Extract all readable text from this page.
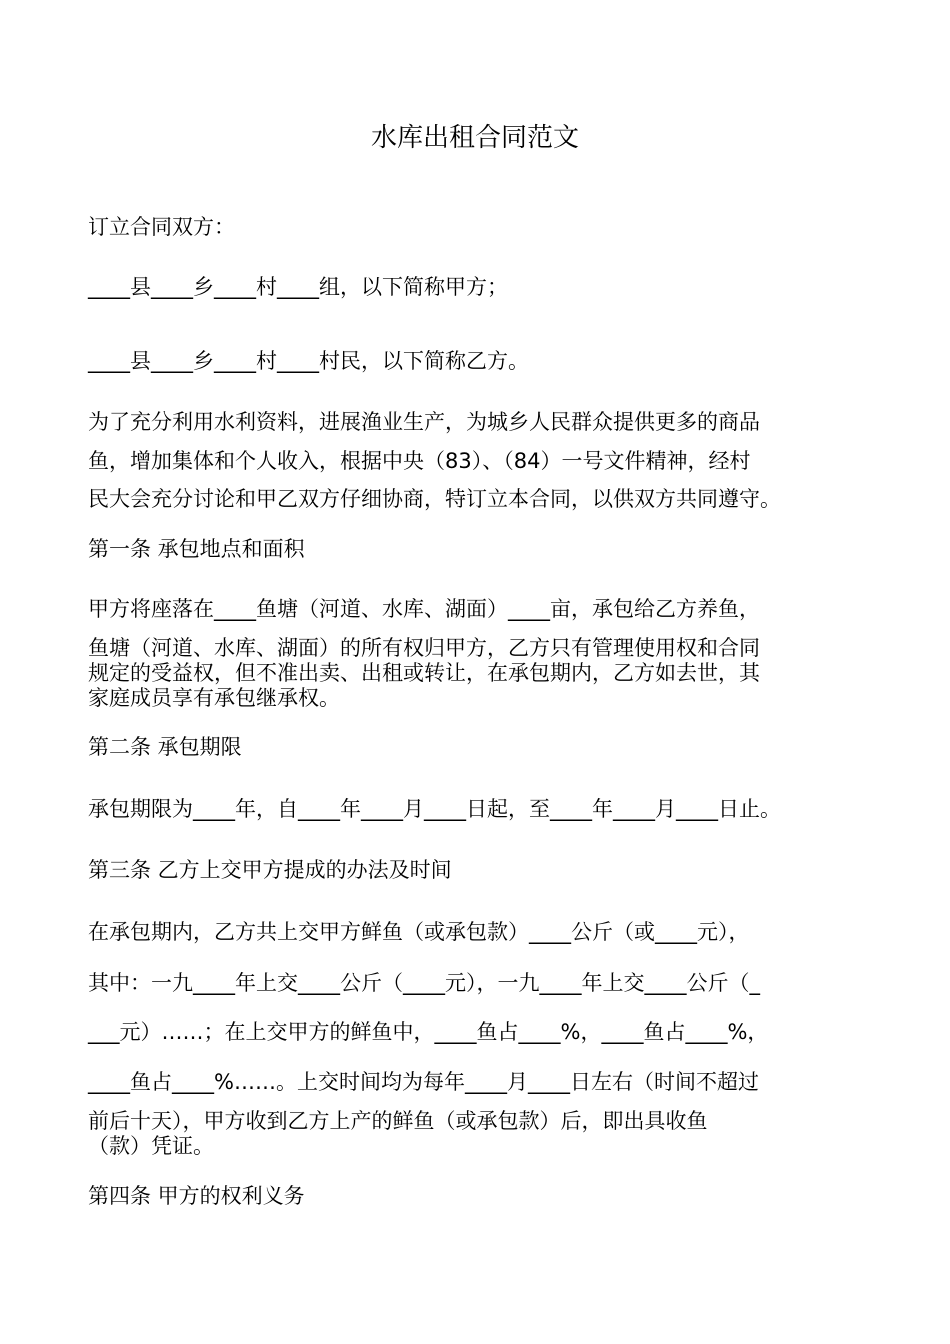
水库出租合同范文
订立合同双方：
____县____乡____村____组，以下简称甲方；
____县____乡____村____村民，以下简称乙方。
为了充分利用水利资料，进展渔业生产，为城乡人民群众提供更多的商品
鱼，增加集体和个人收入，根据中央（83）、（84）一号文件精神，经村
民大会充分讨论和甲乙双方仔细协商，特订立本合同，以供双方共同遵守。
第一条 承包地点和面积
甲方将座落在____鱼塘（河道、水库、湖面）____亩，承包给乙方养鱼，
鱼塘（河道、水库、湖面）的所有权归甲方，乙方只有管理使用权和合同
规定的受益权，但不准出卖、出租或转让，在承包期内，乙方如去世，其
家庭成员享有承包继承权。
第二条 承包期限
承包期限为____年，自____年____月____日起，至____年____月____日止。
第三条 乙方上交甲方提成的办法及时间
在承包期内，乙方共上交甲方鲜鱼（或承包款）____公斤（或____元），
其中：一九____年上交____公斤（____元），一九____年上交____公斤（_
___元）……；在上交甲方的鲜鱼中，____鱼占____%，____鱼占____%，
____鱼占____%……。上交时间均为每年____月____日左右（时间不超过
前后十天），甲方收到乙方上产的鲜鱼（或承包款）后，即出具收鱼
（款）凭证。
第四条 甲方的权利义务
